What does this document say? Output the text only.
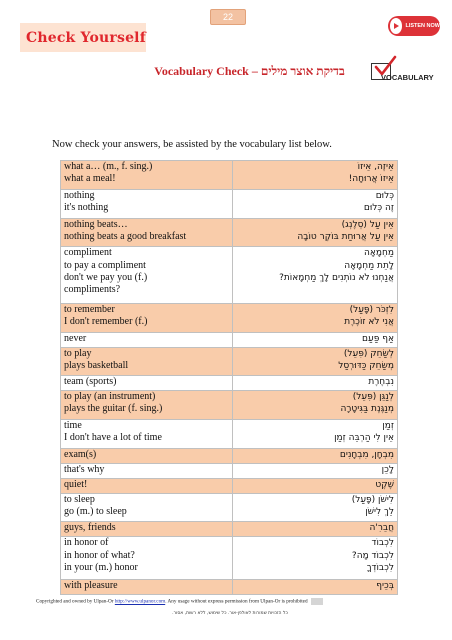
22
Check Yourself
LISTEN NOW
Vocabulary Check – בדיקת אוצר מילים	VOCABULARY
Now check your answers, be assisted by the vocabulary list below.
what a… (m., f. sing.)
what a meal!	אֵיזֶה, אֵיזוֹ
אֵיזוֹ אֲרוּחָה!

nothing
it's nothing	כְּלוּם
זֶה כְּלוּם

nothing beats…
nothing beats a good breakfast	אֵין עַל (סְלֶנְג)
אֵין עַל אֲרוּחַת בּוֹקֶר טוֹבָה

compliment
to pay a compliment
don't we pay you (f.)
compliments?	מַחְמָאָה
לָתֵת מַחְמָאָה
אֲנַחְנוּ לֹא נוֹתְנִים לָךְ מַחְמָאוֹת?

to remember
I don't remember (f.)	לִזְכֹּר (פָּעַל)
אֲנִי לֹא זוֹכֶרֶת

never	אַף פַּעַם

to play
plays basketball	לְשַׂחֵק (פִּעֵל)
מְשַׂחֵק כַּדּוּרְסַל

team (sports)	נִבְחֶרֶת

to play (an instrument)
plays the guitar (f. sing.)	לְנַגֵּן (פִּעֵל)
מְנַגֶּנֶת בַּגִּיטָרָה

time
I don't have a lot of time	זְמַן
אֵין לִי הַרְבֵּה זְמַן

exam(s)	מִבְחָן, מִבְחָנִים

that's why	לָכֵן

quiet!	שֶׁקֶט

to sleep
go (m.) to sleep	לִישֹׁן (פָּעַל)
לֵךְ לִישֹׁן

guys, friends	חֲבֵרִ'ה

in honor of
in honor of what?
in your (m.) honor	לִכְבוֹד
לִכְבוֹד מָה?
לִכְבוֹדְךָ

with pleasure	בְּכֵיף
Copyrighted and owned by Ulpan-Or http://www.ulpanor.com. Any usage without express permission from Ulpan-Or is prohibited
כל הזכויות שמורות לאולפן-אור. כל שימוש, ללא רשות, אסור.
